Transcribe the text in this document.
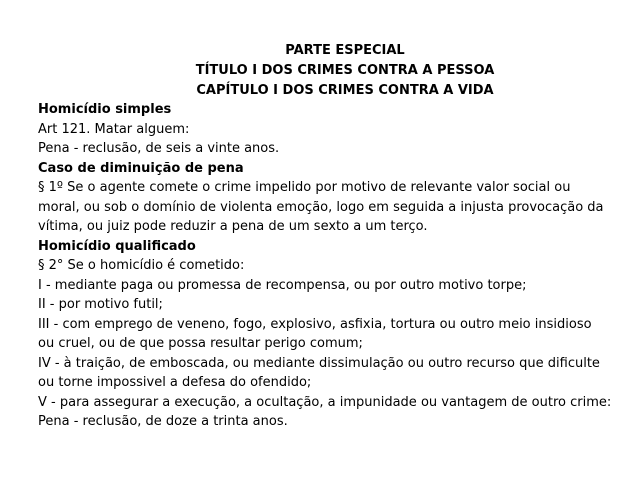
PARTE ESPECIAL
TÍTULO I DOS CRIMES CONTRA A PESSOA
CAPÍTULO I DOS CRIMES CONTRA A VIDA
Homicídio simples
Art 121. Matar alguem:
Pena - reclusão, de seis a vinte anos.
Caso de diminuição de pena
§ 1º Se o agente comete o crime impelido por motivo de relevante valor social ou
moral, ou sob o domínio de violenta emoção, logo em seguida a injusta provocação da
vítima, ou juiz pode reduzir a pena de um sexto a um terço.
Homicídio qualificado
§ 2° Se o homicídio é cometido:
I - mediante paga ou promessa de recompensa, ou por outro motivo torpe;
II - por motivo futil;
III - com emprego de veneno, fogo, explosivo, asfixia, tortura ou outro meio insidioso
ou cruel, ou de que possa resultar perigo comum;
IV - à traição, de emboscada, ou mediante dissimulação ou outro recurso que dificulte
ou torne impossivel a defesa do ofendido;
V - para assegurar a execução, a ocultação, a impunidade ou vantagem de outro crime:
Pena - reclusão, de doze a trinta anos.
